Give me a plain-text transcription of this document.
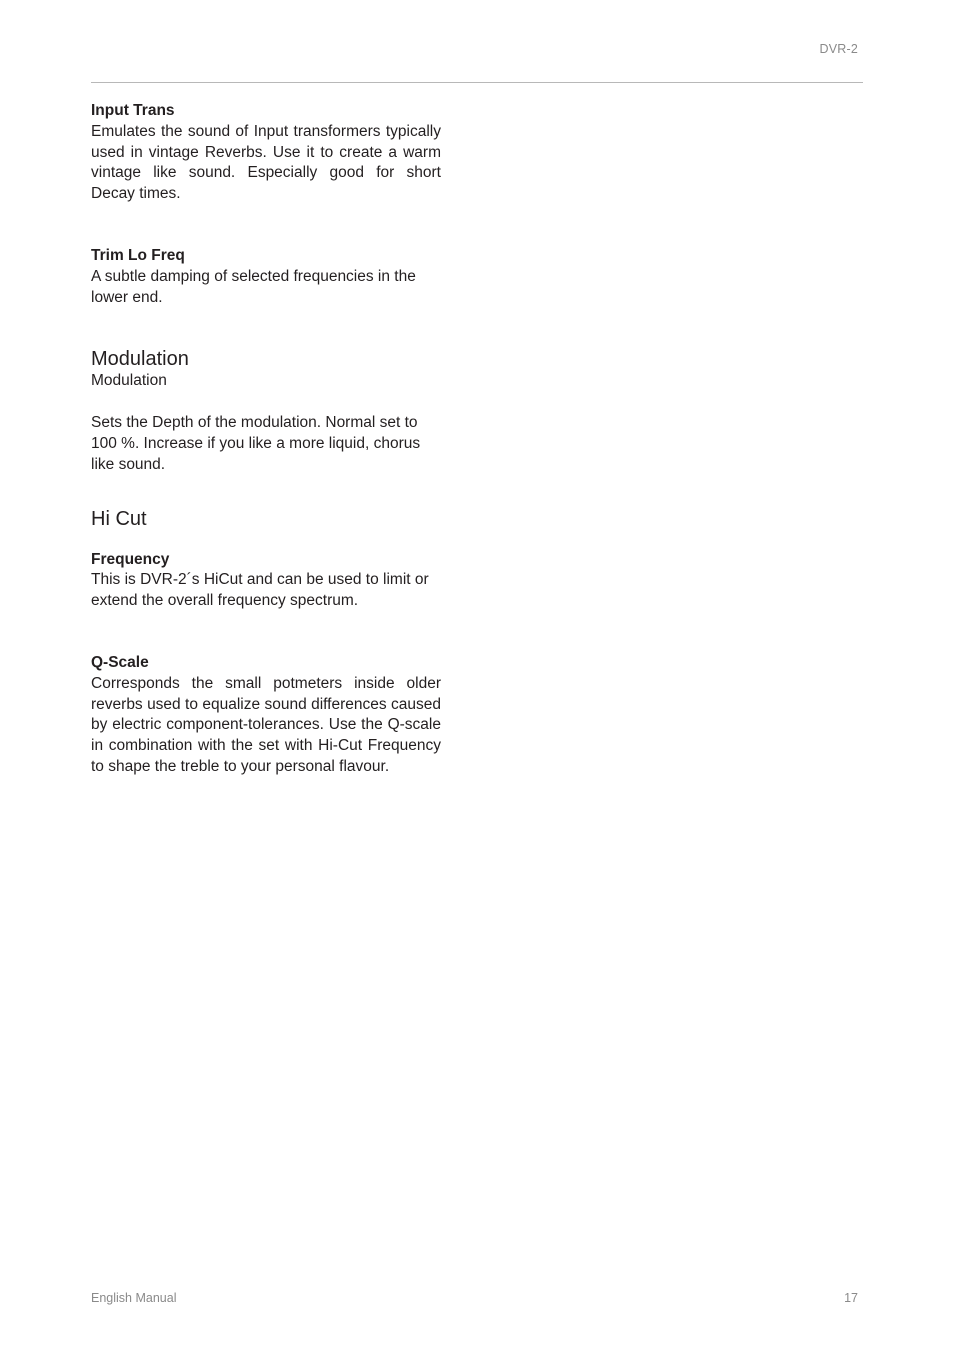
DVR-2
Input Trans

Emulates the sound of Input transformers typically used in vintage Reverbs. Use it to create a warm vintage like sound. Especially good for short Decay times.

Trim Lo Freq

A subtle damping of selected frequencies in the lower end.

Modulation

Modulation

Sets the Depth of the modulation. Normal set to 100 %. Increase if you like a more liquid, chorus like sound.

Hi Cut
Frequency

This is DVR-2´s HiCut and can be used to limit or extend the overall frequency spectrum.

Q-Scale

Corresponds the small potmeters inside older reverbs used to equalize sound differences caused by electric component-tolerances. Use the Q-scale in combination with the set with Hi-Cut Frequency to shape the treble to your personal flavour.

English Manual	17
